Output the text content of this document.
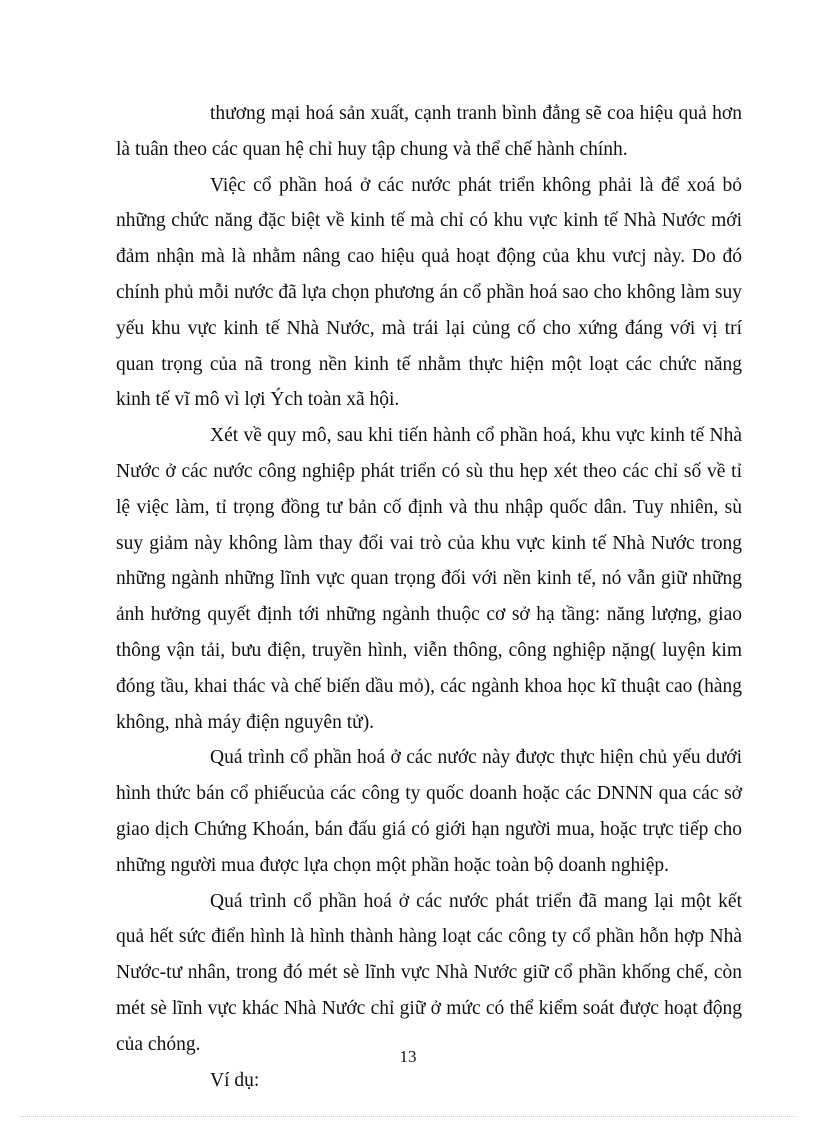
thương mại hoá sản xuất, cạnh tranh bình đẳng sẽ coa hiệu quả hơn là tuân theo các quan hệ chỉ huy tập chung và thể chế hành chính.

Việc cổ phần hoá ở các nước phát triển không phải là để xoá bỏ những chức năng đặc biệt về kinh tế mà chỉ có khu vực kinh tế Nhà Nước mới đảm nhận mà là nhằm nâng cao hiệu quả hoạt động của khu vưcj này. Do đó chính phủ mỗi nước đã lựa chọn phương án cổ phần hoá sao cho không làm suy yếu khu vực kinh tế Nhà Nước, mà trái lại củng cố cho xứng đáng với vị trí quan trọng của nã trong nền kinh tế nhằm thực hiện một loạt các chức năng kinh tế vĩ mô vì lợi Ých toàn xã hội.

Xét về quy mô, sau khi tiến hành cổ phần hoá, khu vực kinh tế Nhà Nước ở các nước công nghiệp phát triển có sù thu hẹp xét theo các chỉ số về tỉ lệ việc làm, tỉ trọng đồng tư bản cố định và thu nhập quốc dân. Tuy nhiên, sù suy giảm này không làm thay đổi vai trò của khu vực kinh tế Nhà Nước trong những ngành những lĩnh vực quan trọng đối với nền kinh tế, nó vẫn giữ những ảnh hưởng quyết định tới những ngành thuộc cơ sở hạ tầng: năng lượng, giao thông vận tải, bưu điện, truyền hình, viễn thông, công nghiệp nặng( luyện kim đóng tầu, khai thác và chế biến dầu mỏ), các ngành khoa học kĩ thuật cao (hàng không, nhà máy điện nguyên tử).

Quá trình cổ phần hoá ở các nước này được thực hiện chủ yếu dưới hình thức bán cổ phiếucủa các công ty quốc doanh hoặc các DNNN qua các sở giao dịch Chứng Khoán, bán đấu giá có giới hạn người mua, hoặc trực tiếp cho những người mua được lựa chọn một phần hoặc toàn bộ doanh nghiệp.

Quá trình cổ phần hoá ở các nước phát triển đã mang lại một kết quả hết sức điển hình là hình thành hàng loạt các công ty cổ phần hỗn hợp Nhà Nước-tư nhân, trong đó mét sè lĩnh vực Nhà Nước giữ cổ phần khống chế, còn mét sè lĩnh vực khác Nhà Nước chỉ giữ ở mức có thể kiểm soát được hoạt động của chóng.

Ví dụ:

13
